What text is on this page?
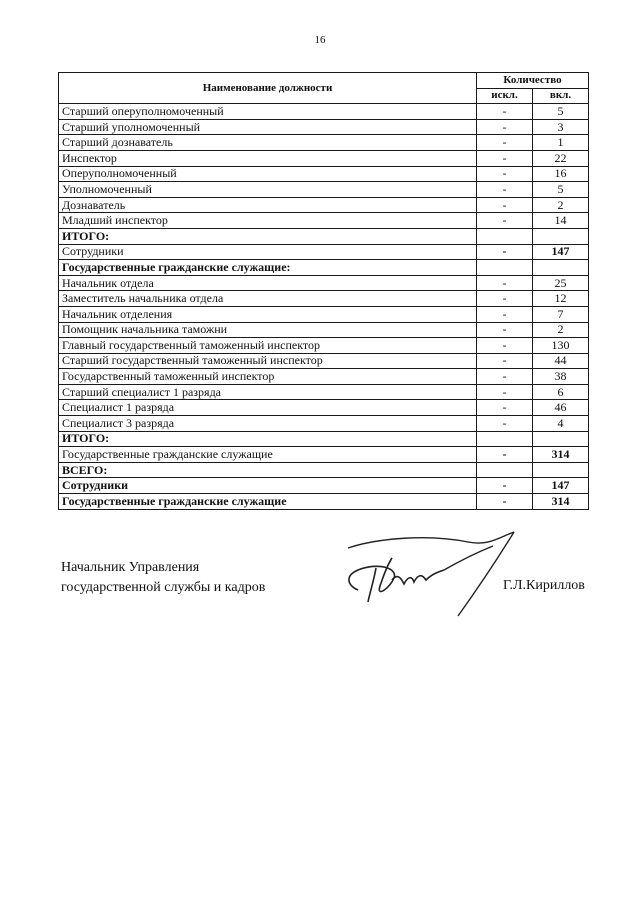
16
Наименование должности	Количество	
	искл.	вкл.
Старший оперуполномоченный	-	5
Старший уполномоченный	-	3
Старший дознаватель	-	1
Инспектор	-	22
Оперуполномоченный	-	16
Уполномоченный	-	5
Дознаватель	-	2
Младший инспектор	-	14
ИТОГО:		
Сотрудники	-	147
Государственные гражданские служащие:		
Начальник отдела	-	25
Заместитель начальника отдела	-	12
Начальник отделения	-	7
Помощник начальника таможни	-	2
Главный государственный таможенный инспектор	-	130
Старший государственный таможенный инспектор	-	44
Государственный таможенный инспектор	-	38
Старший специалист 1 разряда	-	6
Специалист 1 разряда	-	46
Специалист 3 разряда	-	4
ИТОГО:		
Государственные гражданские служащие	-	314
ВСЕГО:		
Сотрудники	-	147
Государственные гражданские служащие	-	314
Начальник Управления
государственной службы и кадров	Г.Л.Кириллов
